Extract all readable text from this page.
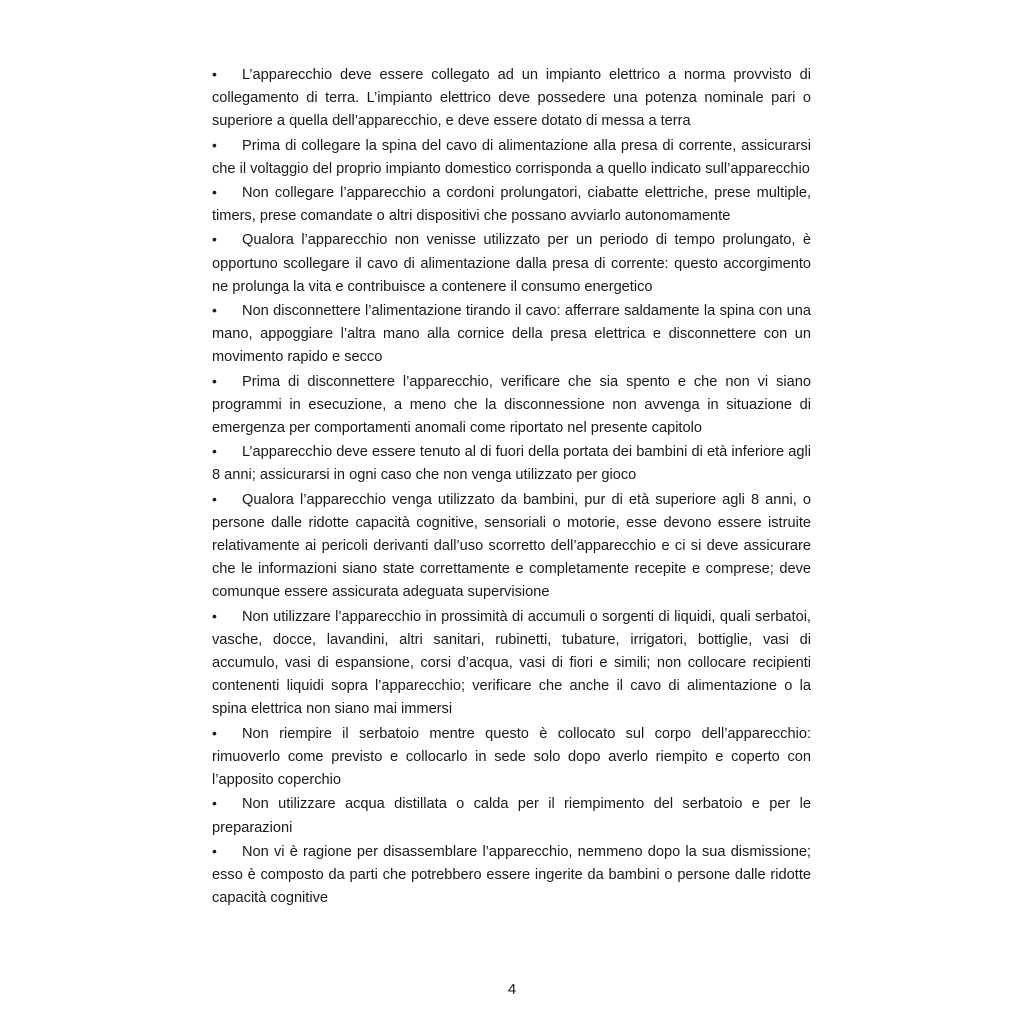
• L’apparecchio deve essere collegato ad un impianto elettrico a norma provvisto di collegamento di terra. L’impianto elettrico deve possedere una potenza nominale pari o superiore a quella dell’apparecchio, e deve essere dotato di messa a terra

• Prima di collegare la spina del cavo di alimentazione alla presa di corrente, assicurarsi che il voltaggio del proprio impianto domestico corrisponda a quello indicato sull’apparecchio

• Non collegare l’apparecchio a cordoni prolungatori, ciabatte elettriche, prese multiple, timers, prese comandate o altri dispositivi che possano avviarlo autonomamente

• Qualora l’apparecchio non venisse utilizzato per un periodo di tempo prolungato, è opportuno scollegare il cavo di alimentazione dalla presa di corrente: questo accorgimento ne prolunga la vita e contribuisce a contenere il consumo energetico

• Non disconnettere l’alimentazione tirando il cavo: afferrare saldamente la spina con una mano, appoggiare l’altra mano alla cornice della presa elettrica e disconnettere con un movimento rapido e secco

• Prima di disconnettere l’apparecchio, verificare che sia spento e che non vi siano programmi in esecuzione, a meno che la disconnessione non avvenga in situazione di emergenza per comportamenti anomali come riportato nel presente capitolo

• L’apparecchio deve essere tenuto al di fuori della portata dei bambini di età inferiore agli 8 anni; assicurarsi in ogni caso che non venga utilizzato per gioco

• Qualora l’apparecchio venga utilizzato da bambini, pur di età superiore agli 8 anni, o persone dalle ridotte capacità cognitive, sensoriali o motorie, esse devono essere istruite relativamente ai pericoli derivanti dall’uso scorretto dell’apparecchio e ci si deve assicurare che le informazioni siano state correttamente e completamente recepite e comprese; deve comunque essere assicurata adeguata supervisione

• Non utilizzare l’apparecchio in prossimità di accumuli o sorgenti di liquidi, quali serbatoi, vasche, docce, lavandini, altri sanitari, rubinetti, tubature, irrigatori, bottiglie, vasi di accumulo, vasi di espansione, corsi d’acqua, vasi di fiori e simili; non collocare recipienti contenenti liquidi sopra l’apparecchio; verificare che anche il cavo di alimentazione o la spina elettrica non siano mai immersi

• Non riempire il serbatoio mentre questo è collocato sul corpo dell’apparecchio: rimuoverlo come previsto e collocarlo in sede solo dopo averlo riempito e coperto con l’apposito coperchio

• Non utilizzare acqua distillata o calda per il riempimento del serbatoio e per le preparazioni

• Non vi è ragione per disassemblare l’apparecchio, nemmeno dopo la sua dismissione; esso è composto da parti che potrebbero essere ingerite da bambini o persone dalle ridotte capacità cognitive

4
